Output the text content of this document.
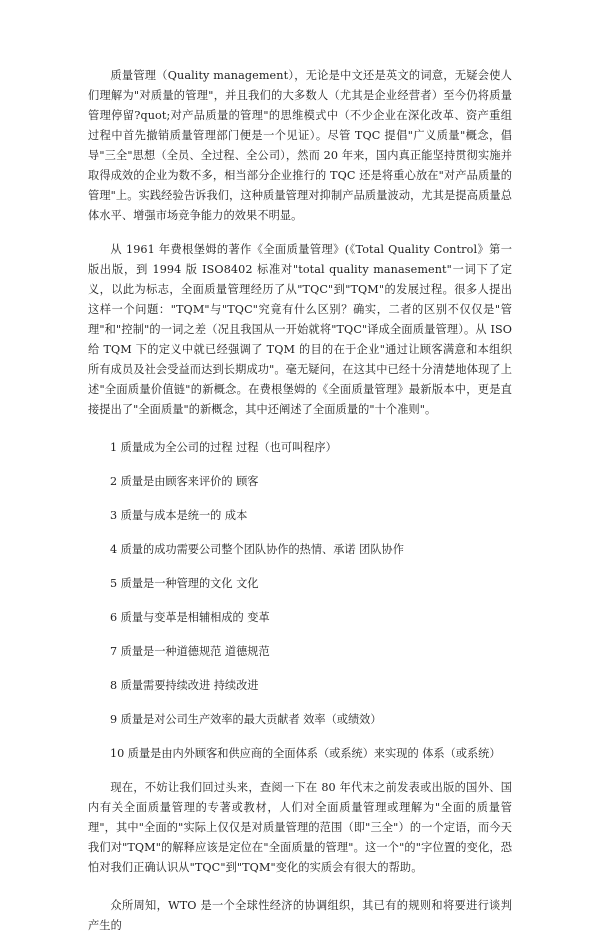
质量管理（Quality management），无论是中文还是英文的词意，无疑会使人们理解为"对质量的管理"，并且我们的大多数人（尤其是企业经营者）至今仍将质量管理停留?quot;对产品质量的管理"的思维模式中（不少企业在深化改革、资产重组过程中首先撤销质量管理部门便是一个见证）。尽管 TQC 提倡"广义质量"概念，倡导"三全"思想（全员、全过程、全公司），然而 20 年来，国内真正能坚持贯彻实施并取得成效的企业为数不多，相当部分企业推行的 TQC 还是将重心放在"对产品质量的管理"上。实践经验告诉我们，这种质量管理对抑制产品质量波动，尤其是提高质量总体水平、增强市场竞争能力的效果不明显。

从 1961 年费根堡姆的著作《全面质量管理》(《Total Quality Control》第一版出版，到 1994 版 ISO8402 标准对"total quality manasement"一词下了定义，以此为标志，全面质量管理经历了从"TQC"到"TQM"的发展过程。很多人提出这样一个问题："TQM"与"TQC"究竟有什么区别？确实，二者的区别不仅仅是"管理"和"控制"的一词之差（况且我国从一开始就将"TQC"译成全面质量管理）。从 ISO 给 TQM 下的定义中就已经强调了 TQM 的目的在于企业"通过让顾客满意和本组织所有成员及社会受益而达到长期成功"。毫无疑问，在这其中已经十分清楚地体现了上述"全面质量价值链"的新概念。在费根堡姆的《全面质量管理》最新版本中，更是直接提出了"全面质量"的新概念，其中还阐述了全面质量的"十个准则"。

1 质量成为全公司的过程 过程（也可叫程序）
2 质量是由顾客来评价的 顾客
3 质量与成本是统一的 成本
4 质量的成功需要公司整个团队协作的热情、承诺 团队协作
5 质量是一种管理的文化 文化
6 质量与变革是相辅相成的 变革
7 质量是一种道德规范 道德规范
8 质量需要持续改进 持续改进
9 质量是对公司生产效率的最大贡献者 效率（或绩效）
10 质量是由内外顾客和供应商的全面体系（或系统）来实现的 体系（或系统）

现在，不妨让我们回过头来，查阅一下在 80 年代末之前发表或出版的国外、国内有关全面质量管理的专著或教材，人们对全面质量管理或理解为"全面的质量管理"，其中"全面的"实际上仅仅是对质量管理的范围（即"三全"）的一个定语，而今天我们对"TQM"的解释应该是定位在"全面质量的管理"。这一个"的"字位置的变化，恐怕对我们正确认识从"TQC"到"TQM"变化的实质会有很大的帮助。

众所周知，WTO 是一个全球性经济的协调组织，其已有的规则和将要进行谈判产生的
